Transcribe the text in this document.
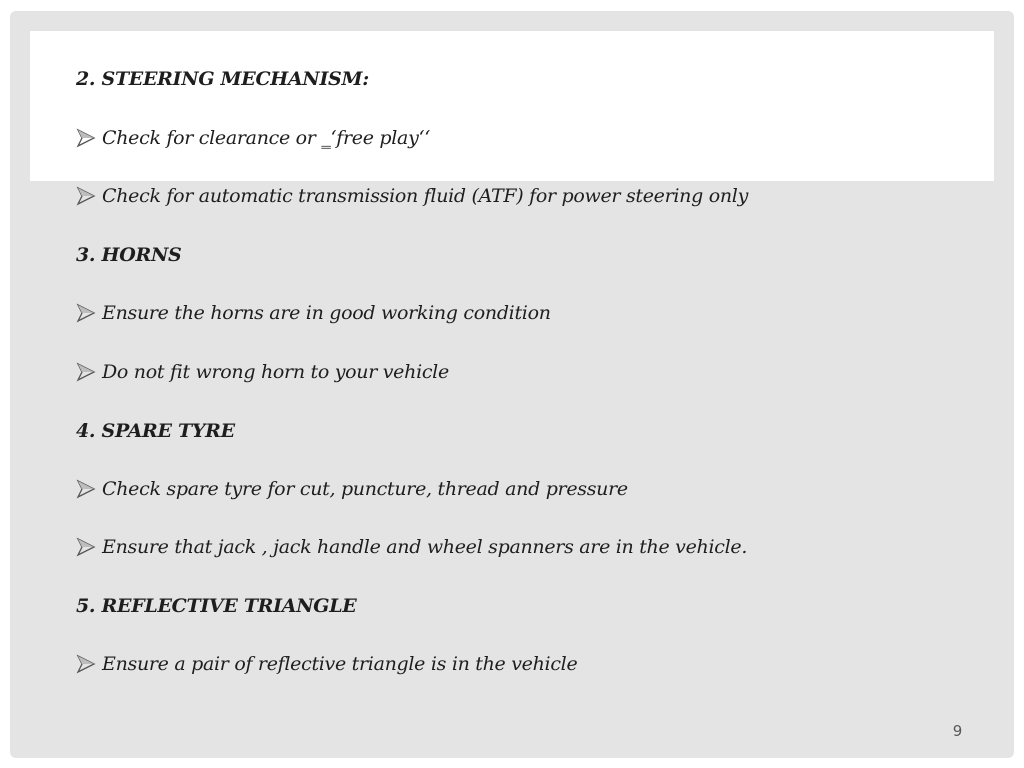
2. STEERING MECHANISM:
Check for clearance or ‗‘free play‘‘
Check for automatic transmission fluid (ATF) for power steering only
3. HORNS
Ensure the horns are in good working condition
Do not fit wrong horn to your vehicle
4. SPARE TYRE
Check spare tyre for cut, puncture, thread and pressure
Ensure that jack , jack handle and wheel spanners are in the vehicle.
5. REFLECTIVE TRIANGLE
Ensure a pair of reflective triangle is in the vehicle
9
